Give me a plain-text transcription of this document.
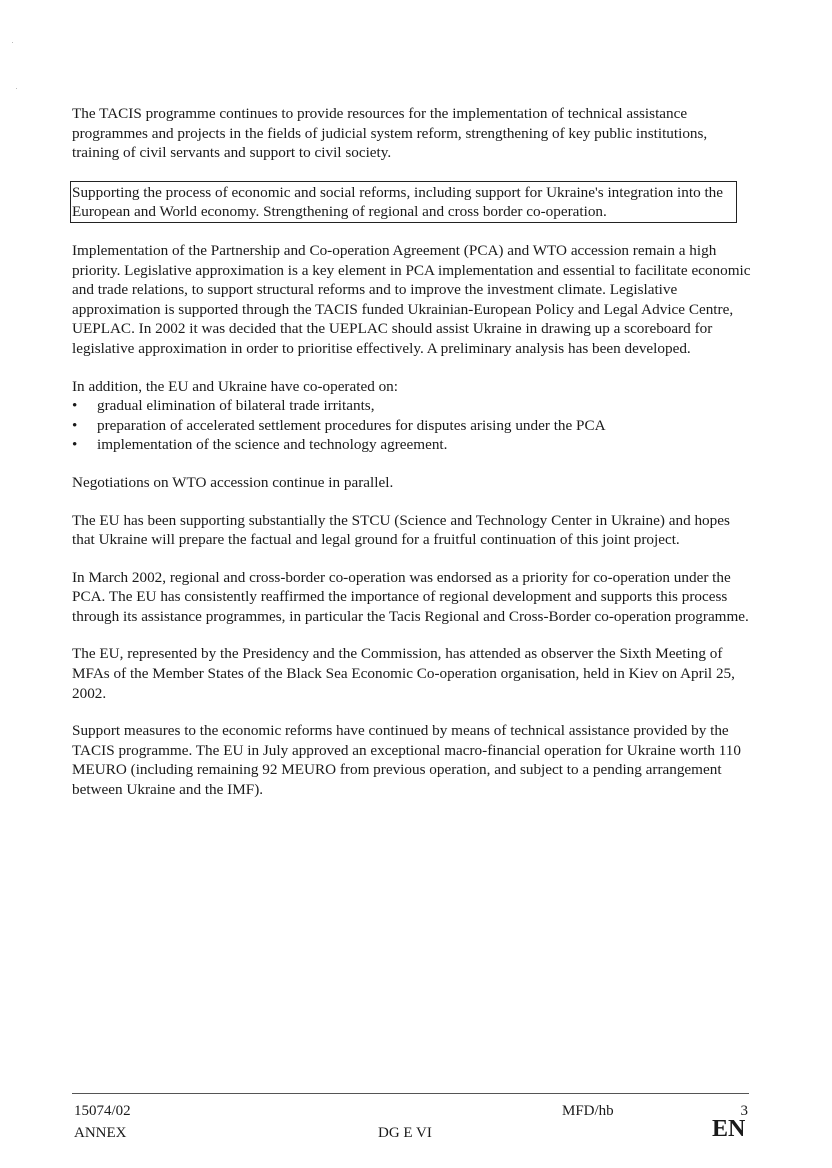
The TACIS programme continues to provide resources for the implementation of technical assistance programmes and projects in the fields of judicial system reform, strengthening of key public institutions, training of civil servants and support to civil society.

Supporting the process of economic and social reforms, including support for Ukraine's integration into the European and World economy. Strengthening of regional and cross border co-operation.

Implementation of the Partnership and Co-operation Agreement (PCA) and WTO accession remain a high priority. Legislative approximation is a key element in PCA implementation and essential to facilitate economic and trade relations, to support structural reforms and to improve the investment climate. Legislative approximation is supported through the TACIS funded Ukrainian-European Policy and Legal Advice Centre, UEPLAC. In 2002 it was decided that the UEPLAC should assist Ukraine in drawing up a scoreboard for legislative approximation in order to prioritise effectively. A preliminary analysis has been developed.

In addition, the EU and Ukraine have co-operated on:

• gradual elimination of bilateral trade irritants,
• preparation of accelerated settlement procedures for disputes arising under the PCA
• implementation of the science and technology agreement.

Negotiations on WTO accession continue in parallel.

The EU has been supporting substantially the STCU (Science and Technology Center in Ukraine) and hopes that Ukraine will prepare the factual and legal ground for a fruitful continuation of this joint project.

In March 2002, regional and cross-border co-operation was endorsed as a priority for co-operation under the PCA. The EU has consistently reaffirmed the importance of regional development and supports this process through its assistance programmes, in particular the Tacis Regional and Cross-Border co-operation programme.

The EU, represented by the Presidency and the Commission, has attended as observer the Sixth Meeting of MFAs of the Member States of the Black Sea Economic Co-operation organisation, held in Kiev on April 25, 2002.

Support measures to the economic reforms have continued by means of technical assistance provided by the TACIS programme. The EU in July approved an exceptional macro-financial operation for Ukraine worth 110 MEURO (including remaining 92 MEURO from previous operation, and subject to a pending arrangement between Ukraine and the IMF).

15074/02
ANNEX	DG E VI
MFD/hb	3
EN
